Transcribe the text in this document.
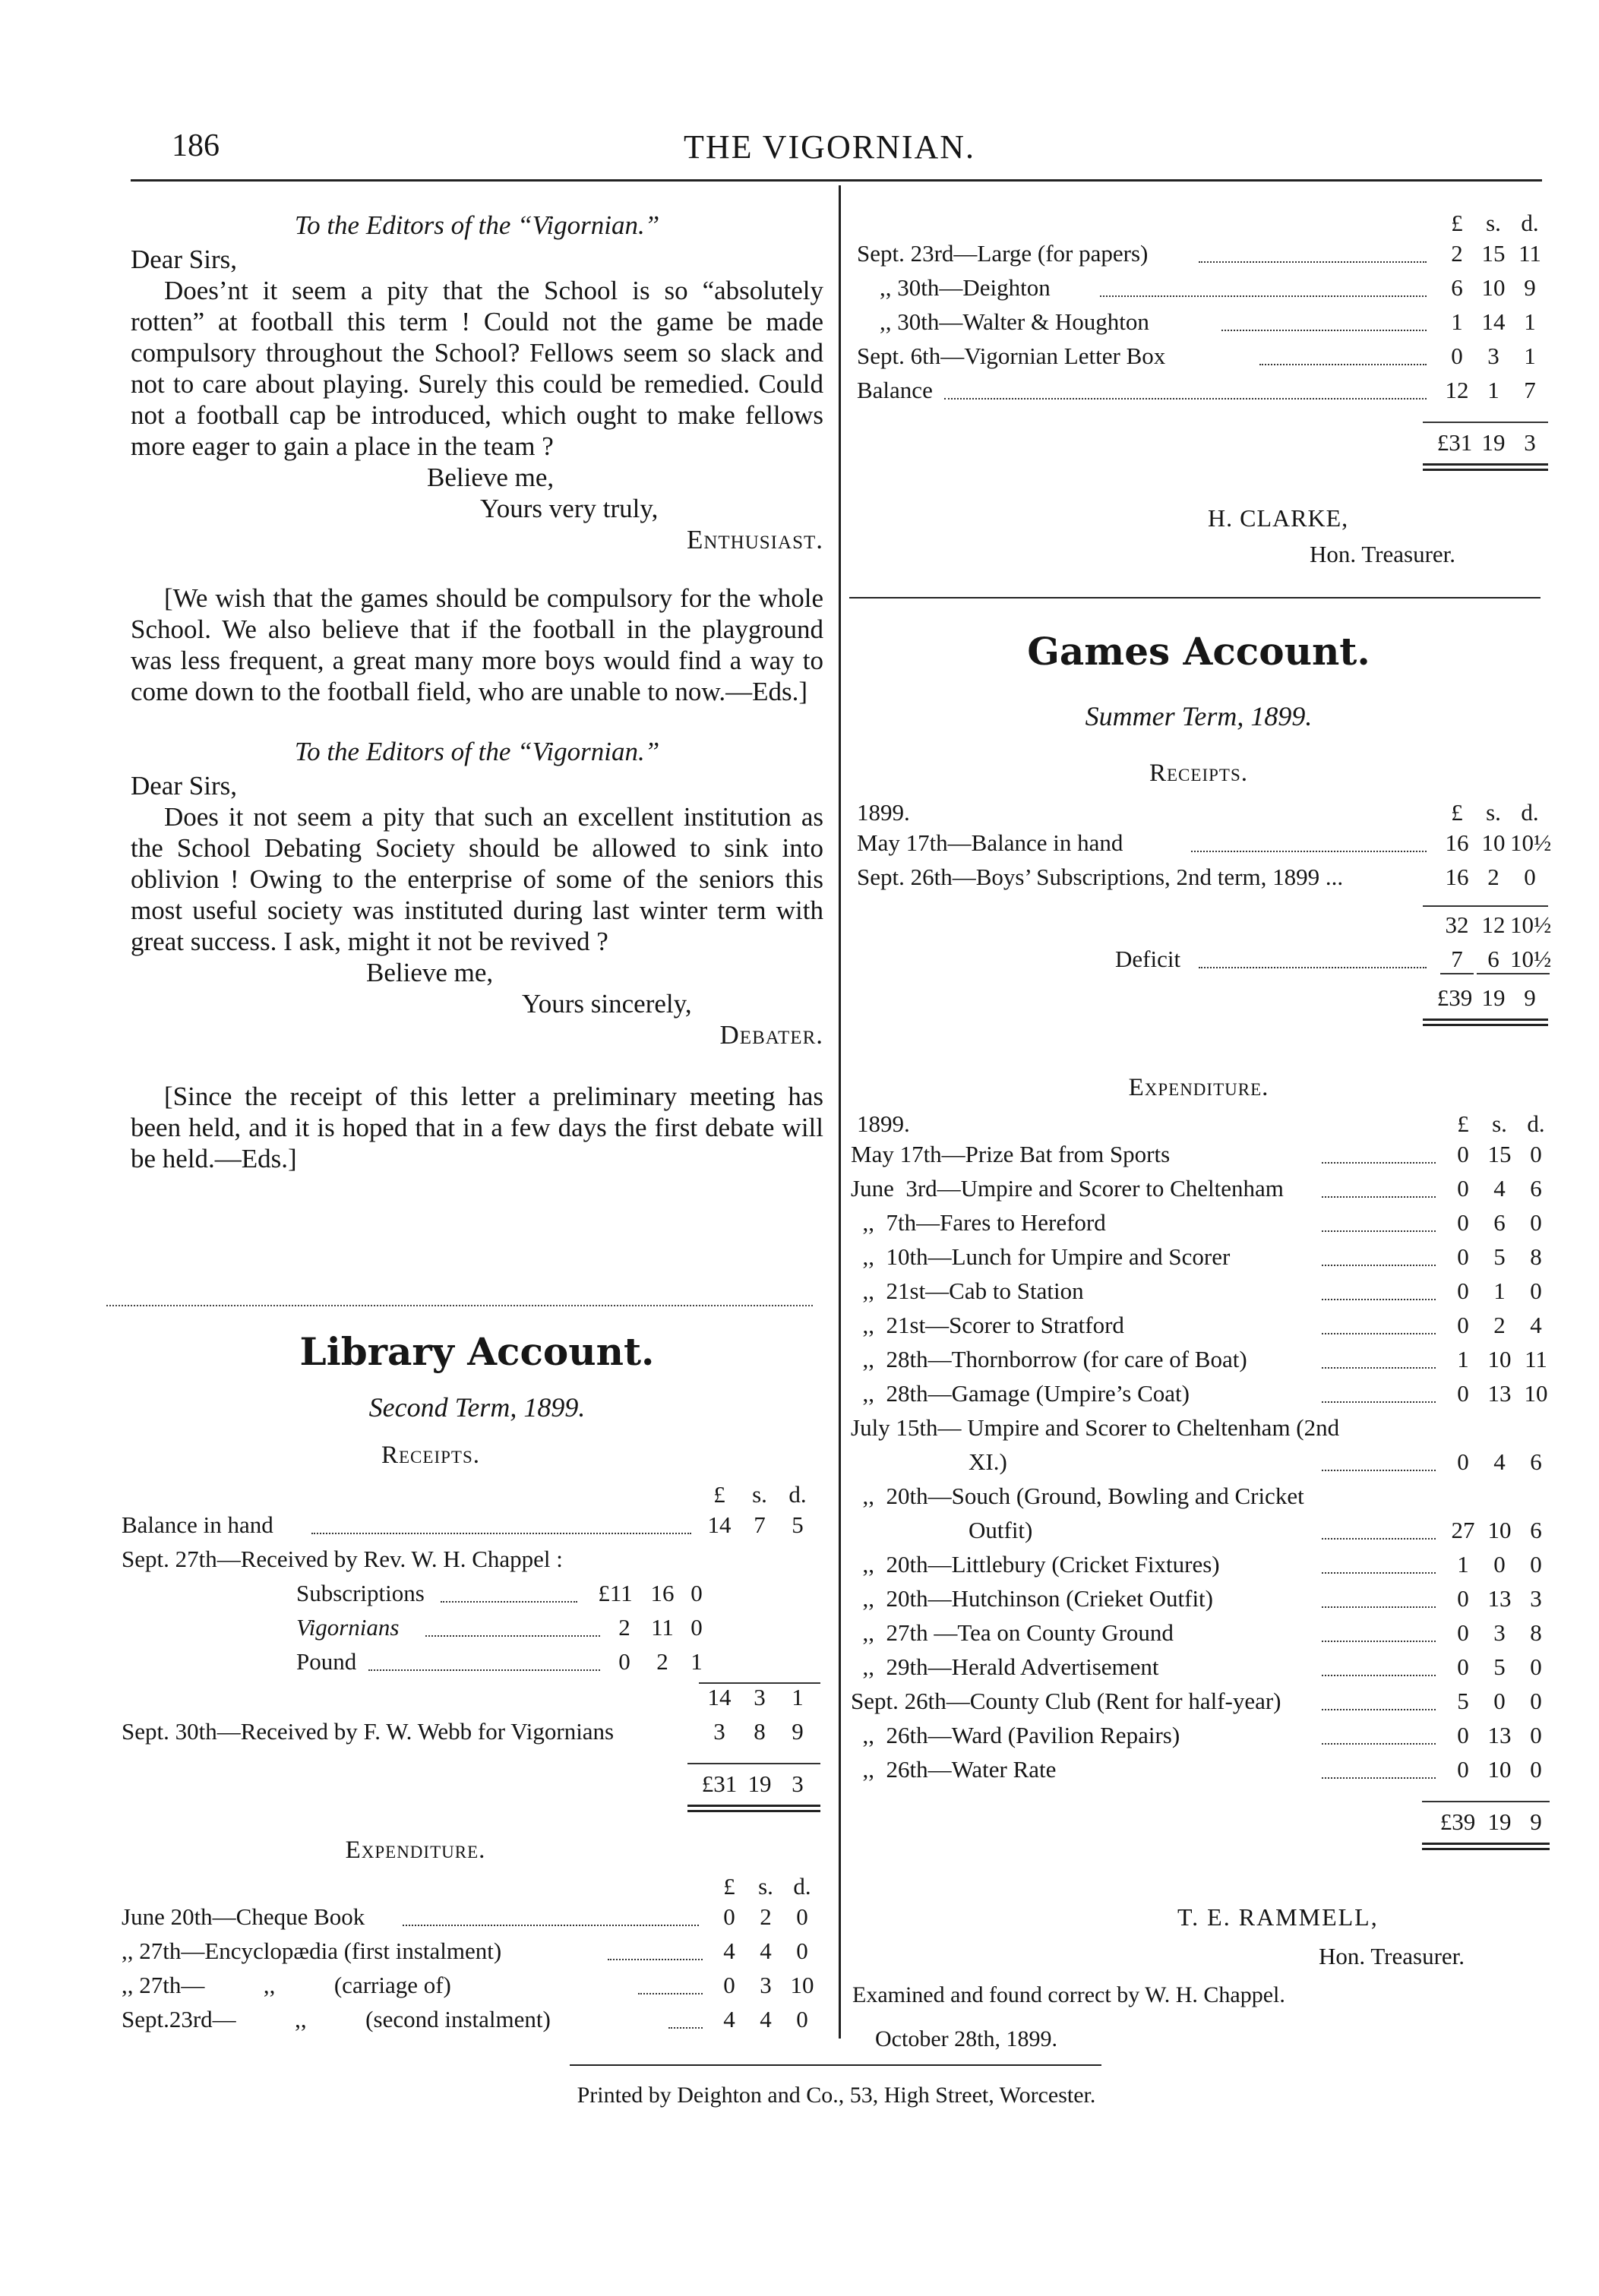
186	THE VIGORNIAN.
To the Editors of the “Vigornian.”
Dear Sirs,
Does’nt it seem a pity that the School is so “absolutely rotten” at football this term ! Could not the game be made compulsory throughout the School? Fellows seem so slack and not to care about playing. Surely this could be remedied. Could not a football cap be introduced, which ought to make fellows more eager to gain a place in the team ?
Believe me,
Yours very truly,
Enthusiast.
[We wish that the games should be compulsory for the whole School. We also believe that if the football in the playground was less frequent, a great many more boys would find a way to come down to the football field, who are unable to now.—Eds.]
To the Editors of the “Vigornian.”
Dear Sirs,
Does it not seem a pity that such an excellent institution as the School Debating Society should be allowed to sink into oblivion ! Owing to the enterprise of some of the seniors this most useful society was instituted during last winter term with great success. I ask, might it not be revived ?
Believe me,
Yours sincerely,
Debater.
[Since the receipt of this letter a preliminary meeting has been held, and it is hoped that in a few days the first debate will be held.—Eds.]
Library Account.
Second Term, 1899.
Receipts.
£	s. d.
Balance in hand	14 7	5
Sept. 27th—Received by Rev. W. H. Chappel :
Subscriptions	£11 16 0
Vigornians	2 11 0
Pound	0	2 1
14 3	1
Sept. 30th—Received by F. W. Webb for Vigornians	3	8	9
£31 19 3
Expenditure.
£ s. d.
June 20th—Cheque Book	0	2	0
,, 27th—Encyclopædia (first instalment)	4	4	0
,, 27th—          ,,          (carriage of)	0	3 10
Sept.23rd—          ,,          (second instalment)	4	4	0
£ s. d.
Sept. 23rd—Large (for papers)	2 15 11
,, 30th—Deighton	6 10 9
,, 30th—Walter & Houghton	1 14 1
Sept. 6th—Vigornian Letter Box	0	3	1
Balance	12 1	7
£31 19 3
H. CLARKE,
Hon. Treasurer.
Games Account.
Summer Term, 1899.
Receipts.
1899.	£ s. d.
May 17th—Balance in hand	16 10 10½
Sept. 26th—Boys’ Subscriptions, 2nd term, 1899 ...	16 2	0
32 12 10½
Deficit	7	6 10½
£39 19 9
Expenditure.
1899.	£ s. d.
May 17th—Prize Bat from Sports	0 15 0
June  3rd—Umpire and Scorer to Cheltenham	0	4	6
,,  7th—Fares to Hereford	0	6	0
,,  10th—Lunch for Umpire and Scorer	0	5	8
,,  21st—Cab to Station	0	1	0
,,  21st—Scorer to Stratford	0	2	4
,,  28th—Thornborrow (for care of Boat)	1 10 11
,,  28th—Gamage (Umpire’s Coat)	0 13 10
July 15th— Umpire and Scorer to Cheltenham (2nd
XI.)	0	4	6
,,  20th—Souch (Ground, Bowling and Cricket
Outfit)	27 10 6
,,  20th—Littlebury (Cricket Fixtures)	1	0	0
,,  20th—Hutchinson (Crieket Outfit)	0 13 3
,,  27th —Tea on County Ground	0	3	8
,,  29th—Herald Advertisement	0	5	0
Sept. 26th—County Club (Rent for half-year)	5	0	0
,,  26th—Ward (Pavilion Repairs)	0 13 0
,,  26th—Water Rate	0 10 0
£39 19 9
T. E. RAMMELL,
Hon. Treasurer.
Examined and found correct by W. H. Chappel.
October 28th, 1899.
Printed by Deighton and Co., 53, High Street, Worcester.
